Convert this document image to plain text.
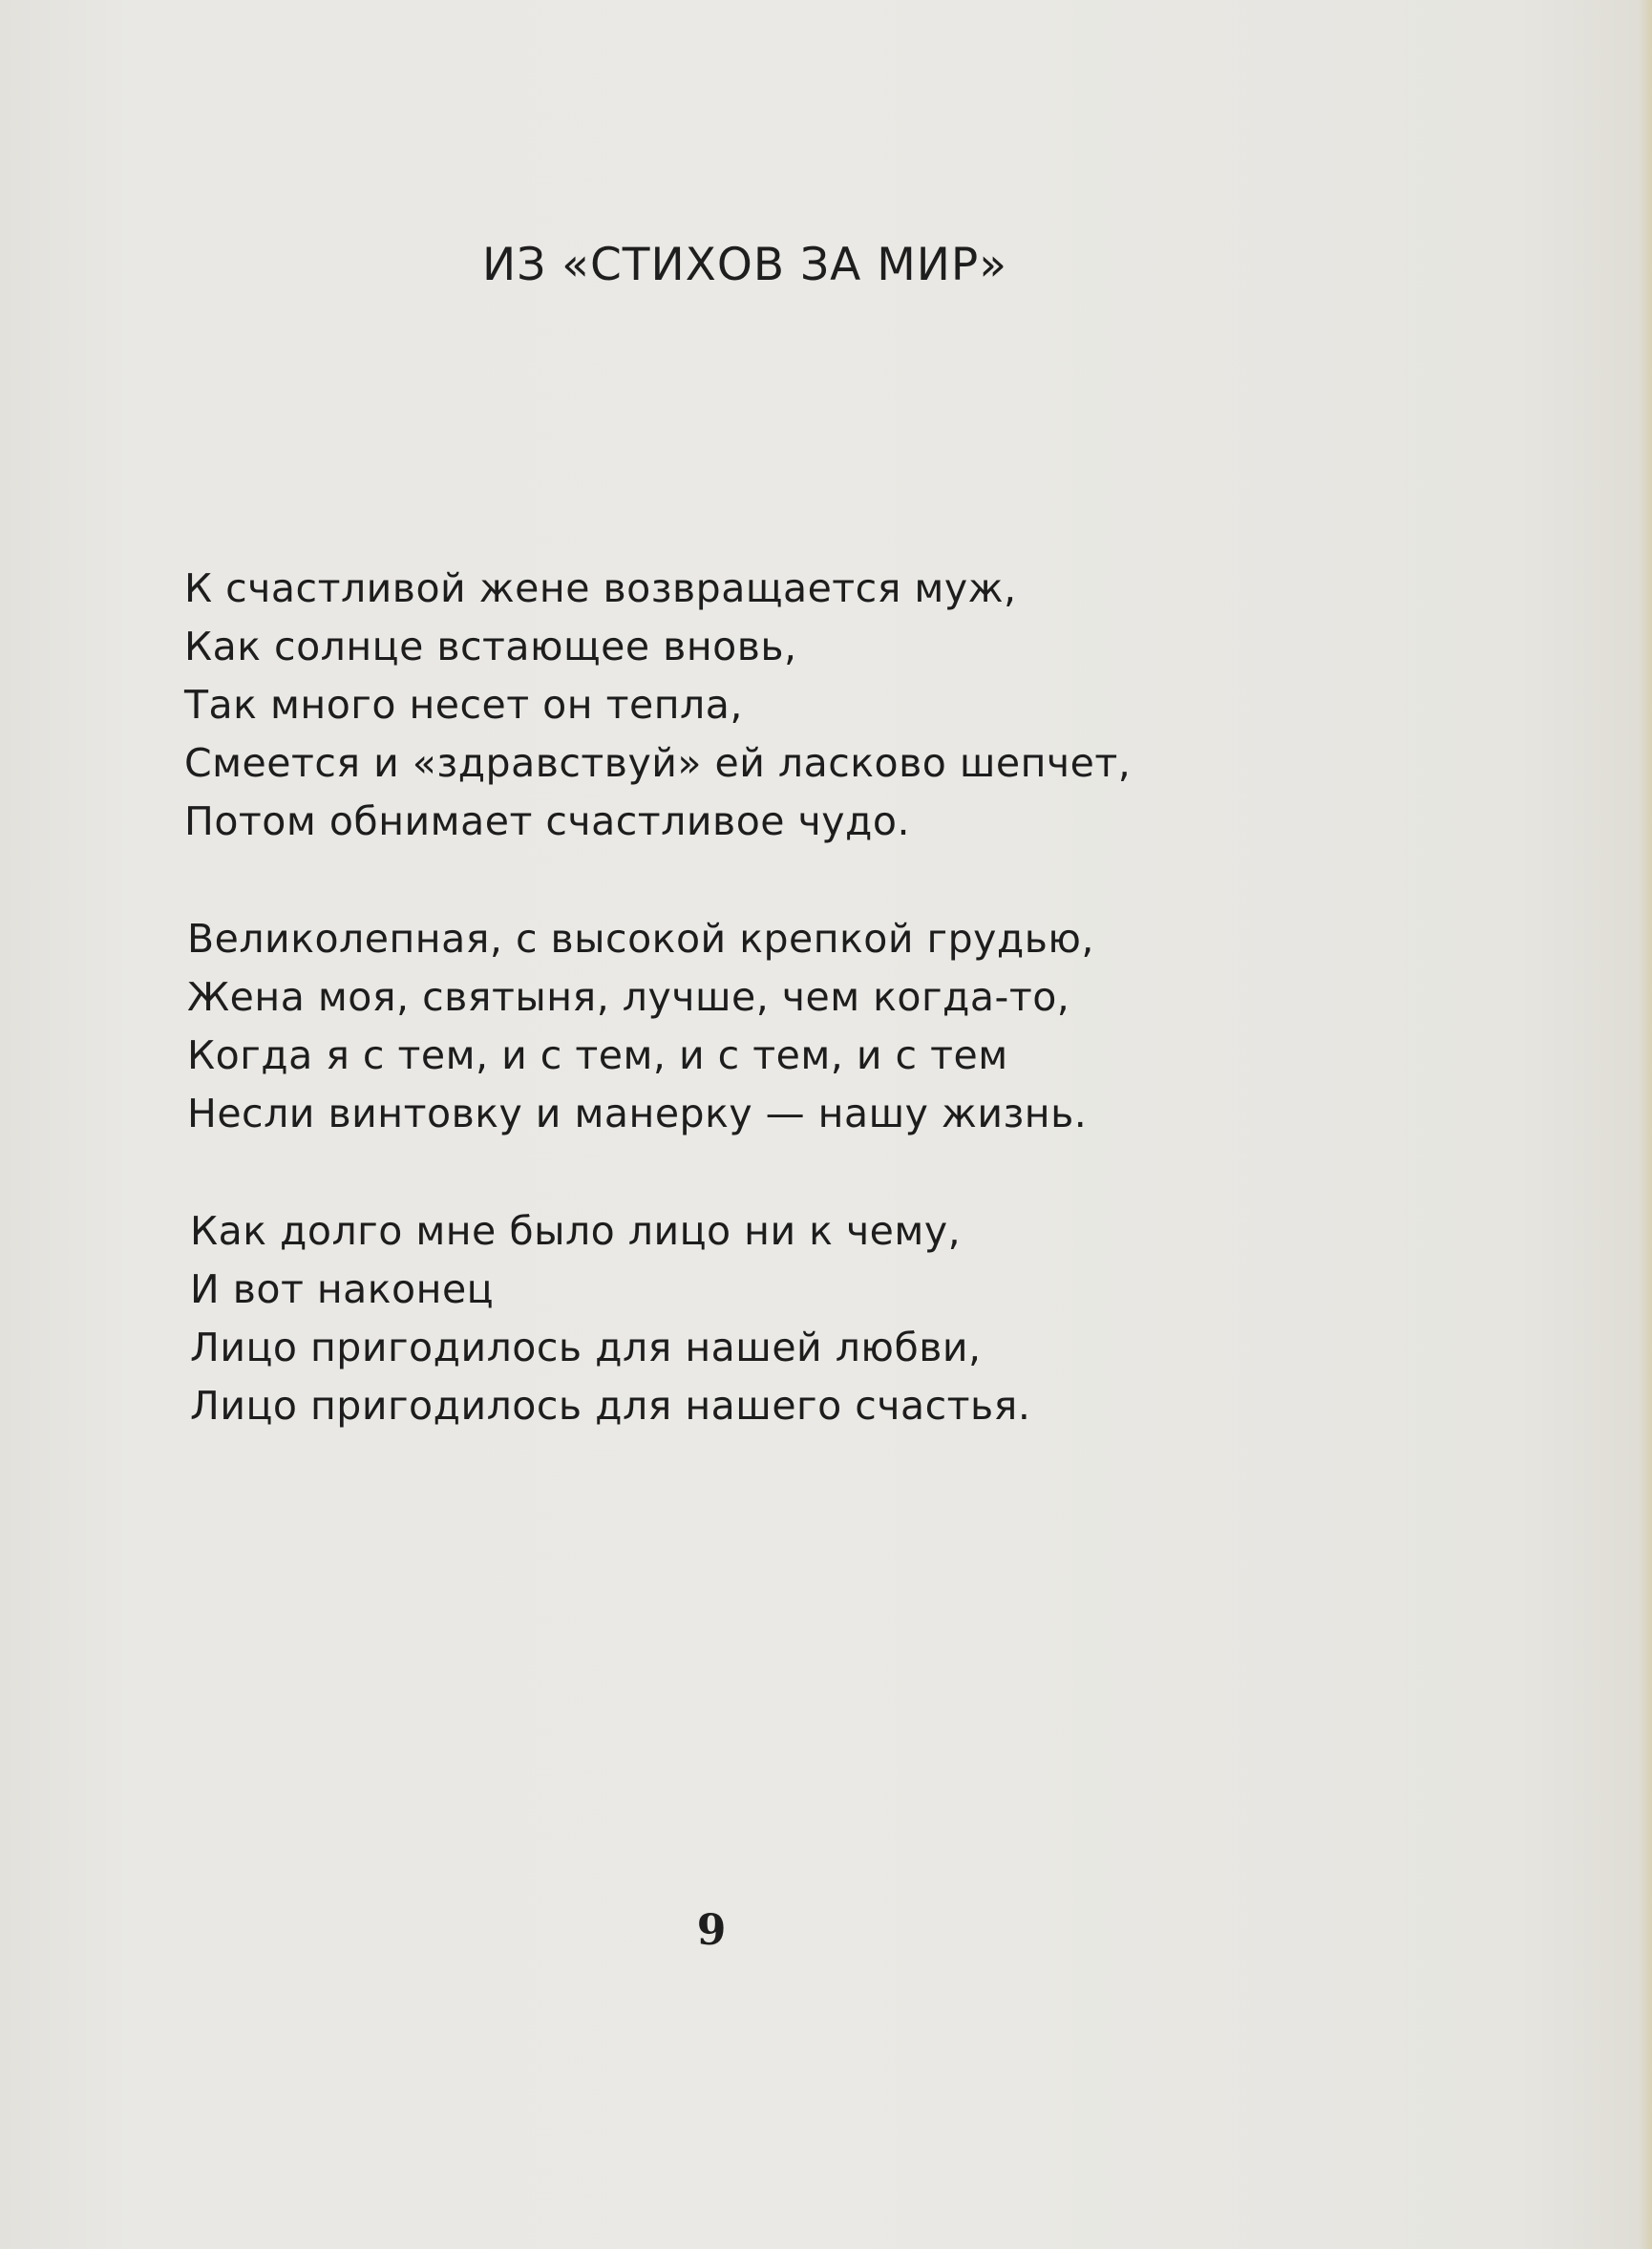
ИЗ «СТИХОВ ЗА МИР»
К счастливой жене возвращается муж,
Как солнце встающее вновь,
Так много несет он тепла,
Смеется и «здравствуй» ей ласково шепчет,
Потом обнимает счастливое чудо.
Великолепная, с высокой крепкой грудью,
Жена моя, святыня, лучше, чем когда-то,
Когда я с тем, и с тем, и с тем, и с тем
Несли винтовку и манерку — нашу жизнь.
Как долго мне было лицо ни к чему,
И вот наконец
Лицо пригодилось для нашей любви,
Лицо пригодилось для нашего счастья.
9
